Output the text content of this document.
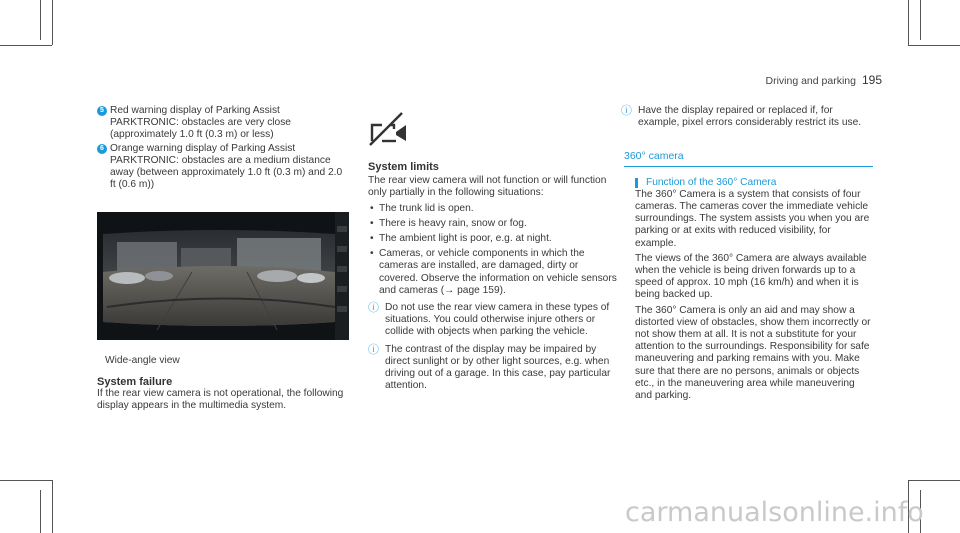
Driving and parking 195
5 Red warning display of Parking Assist PARKTRONIC: obstacles are very close (approximately 1.0 ft (0.3 m) or less)

6 Orange warning display of Parking Assist PARKTRONIC: obstacles are a medium distance away (between approximately 1.0 ft (0.3 m) and 2.0 ft (0.6 m))

Wide-angle view
System failure

If the rear view camera is not operational, the following display appears in the multimedia system.

System limits

The rear view camera will not function or will function only partially in the following situations:

• The trunk lid is open.
• There is heavy rain, snow or fog.
• The ambient light is poor, e.g. at night.
• Cameras, or vehicle components in which the cameras are installed, are damaged, dirty or covered. Observe the information on vehicle sensors and cameras (→ page 159).
ⓘ Do not use the rear view camera in these types of situations. You could otherwise injure others or collide with objects when parking the vehicle.

ⓘ The contrast of the display may be impaired by direct sunlight or by other light sources, e.g. when driving out of a garage. In this case, pay particular attention.

ⓘ Have the display repaired or replaced if, for example, pixel errors considerably restrict its use.

360° camera
Function of the 360° Camera

The 360° Camera is a system that consists of four cameras. The cameras cover the immediate vehicle surroundings. The system assists you when you are parking or at exits with reduced visibility, for example.

The views of the 360° Camera are always available when the vehicle is being driven forwards up to a speed of approx. 10 mph (16 km/h) and when it is being backed up.

The 360° Camera is only an aid and may show a distorted view of obstacles, show them incorrectly or not show them at all. It is not a substitute for your attention to the surroundings. Responsibility for safe maneuvering and parking remains with you. Make sure that there are no persons, animals or objects etc., in the maneuvering area while maneuvering and parking.

carmanualsonline.info
